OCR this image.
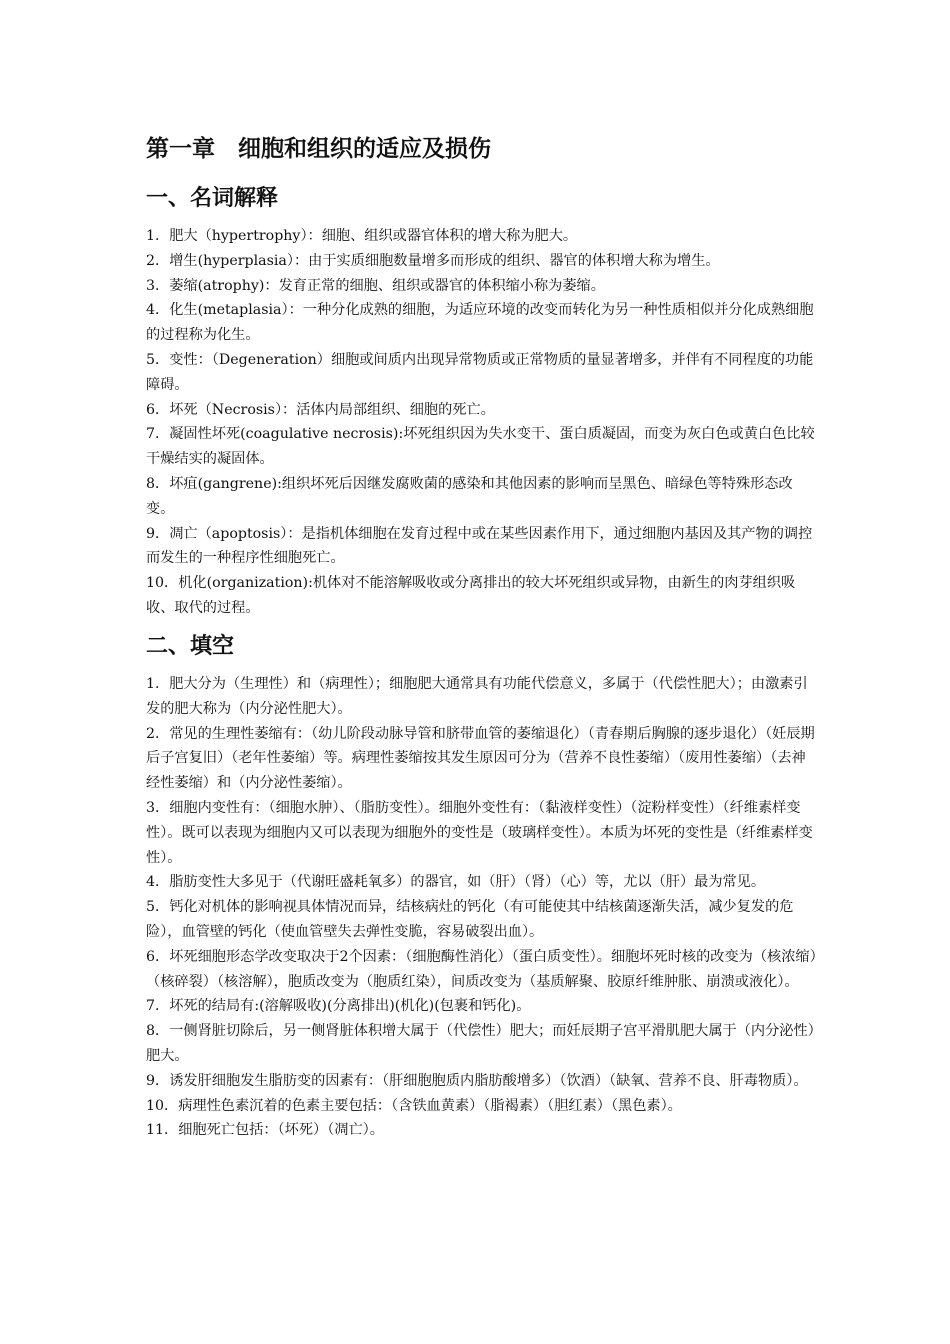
第一章　细胞和组织的适应及损伤
一、名词解释
1．肥大（hypertrophy）：细胞、组织或器官体积的增大称为肥大。
2．增生(hyperplasia）：由于实质细胞数量增多而形成的组织、器官的体积增大称为增生。
3．萎缩(atrophy)：发育正常的细胞、组织或器官的体积缩小称为萎缩。
4．化生(metaplasia）：一种分化成熟的细胞，为适应环境的改变而转化为另一种性质相似并分化成熟细胞的过程称为化生。
5．变性：（Degeneration）细胞或间质内出现异常物质或正常物质的量显著增多，并伴有不同程度的功能障碍。
6．坏死（Necrosis）：活体内局部组织、细胞的死亡。
7．凝固性坏死(coagulative necrosis):坏死组织因为失水变干、蛋白质凝固，而变为灰白色或黄白色比较干燥结实的凝固体。
8．坏疽(gangrene):组织坏死后因继发腐败菌的感染和其他因素的影响而呈黑色、暗绿色等特殊形态改变。
9．凋亡（apoptosis）：是指机体细胞在发育过程中或在某些因素作用下，通过细胞内基因及其产物的调控而发生的一种程序性细胞死亡。
10．机化(organization):机体对不能溶解吸收或分离排出的较大坏死组织或异物，由新生的肉芽组织吸收、取代的过程。
二、填空
1．肥大分为（生理性）和（病理性）；细胞肥大通常具有功能代偿意义，多属于（代偿性肥大）；由激素引发的肥大称为（内分泌性肥大）。
2．常见的生理性萎缩有：（幼儿阶段动脉导管和脐带血管的萎缩退化）（青春期后胸腺的逐步退化）（妊辰期后子宫复旧）（老年性萎缩）等。病理性萎缩按其发生原因可分为（营养不良性萎缩）（废用性萎缩）（去神经性萎缩）和（内分泌性萎缩）。
3．细胞内变性有：（细胞水肿）、（脂肪变性）。细胞外变性有：（黏液样变性）（淀粉样变性）（纤维素样变性）。既可以表现为细胞内又可以表现为细胞外的变性是（玻璃样变性）。本质为坏死的变性是（纤维素样变性）。
4．脂肪变性大多见于（代谢旺盛耗氧多）的器官，如（肝）（肾）（心）等，尤以（肝）最为常见。
5．钙化对机体的影响视具体情况而异，结核病灶的钙化（有可能使其中结核菌逐渐失活，减少复发的危险），血管壁的钙化（使血管壁失去弹性变脆，容易破裂出血）。
6．坏死细胞形态学改变取决于2个因素：（细胞酶性消化）（蛋白质变性）。细胞坏死时核的改变为（核浓缩）（核碎裂）（核溶解），胞质改变为（胞质红染），间质改变为（基质解聚、胶原纤维肿胀、崩溃或液化）。
7．坏死的结局有:(溶解吸收)(分离排出)(机化)(包裹和钙化)。
8．一侧肾脏切除后，另一侧肾脏体积增大属于（代偿性）肥大；而妊辰期子宫平滑肌肥大属于（内分泌性）肥大。
9．诱发肝细胞发生脂肪变的因素有：（肝细胞胞质内脂肪酸增多）（饮酒）（缺氧、营养不良、肝毒物质）。
10．病理性色素沉着的色素主要包括：（含铁血黄素）（脂褐素）（胆红素）（黑色素）。
11．细胞死亡包括：（坏死）（凋亡）。
